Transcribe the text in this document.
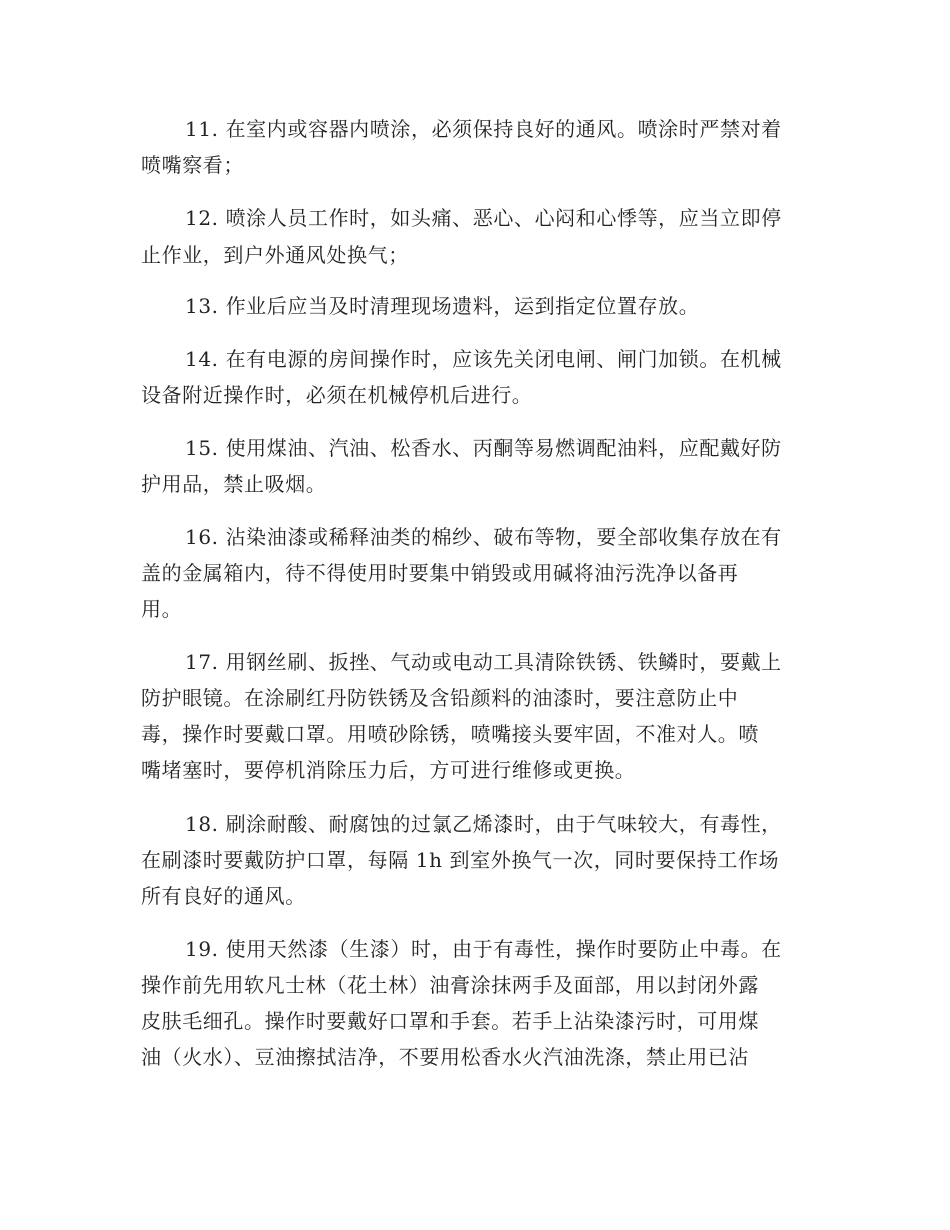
11. 在室内或容器内喷涂，必须保持良好的通风。喷涂时严禁对着
喷嘴察看；
12. 喷涂人员工作时，如头痛、恶心、心闷和心悸等，应当立即停
止作业，到户外通风处换气；
13. 作业后应当及时清理现场遗料，运到指定位置存放。
14. 在有电源的房间操作时，应该先关闭电闸、闸门加锁。在机械
设备附近操作时，必须在机械停机后进行。
15. 使用煤油、汽油、松香水、丙酮等易燃调配油料，应配戴好防
护用品，禁止吸烟。
16. 沾染油漆或稀释油类的棉纱、破布等物，要全部收集存放在有
盖的金属箱内，待不得使用时要集中销毁或用碱将油污洗净以备再
用。
17. 用钢丝刷、扳挫、气动或电动工具清除铁锈、铁鳞时，要戴上
防护眼镜。在涂刷红丹防铁锈及含铅颜料的油漆时，要注意防止中
毒，操作时要戴口罩。用喷砂除锈，喷嘴接头要牢固，不准对人。喷
嘴堵塞时，要停机消除压力后，方可进行维修或更换。
18. 刷涂耐酸、耐腐蚀的过氯乙烯漆时，由于气味较大，有毒性，
在刷漆时要戴防护口罩，每隔 1h 到室外换气一次，同时要保持工作场
所有良好的通风。
19. 使用天然漆（生漆）时，由于有毒性，操作时要防止中毒。在
操作前先用软凡士林（花土林）油膏涂抹两手及面部，用以封闭外露
皮肤毛细孔。操作时要戴好口罩和手套。若手上沾染漆污时，可用煤
油（火水）、豆油擦拭洁净，不要用松香水火汽油洗涤，禁止用已沾
